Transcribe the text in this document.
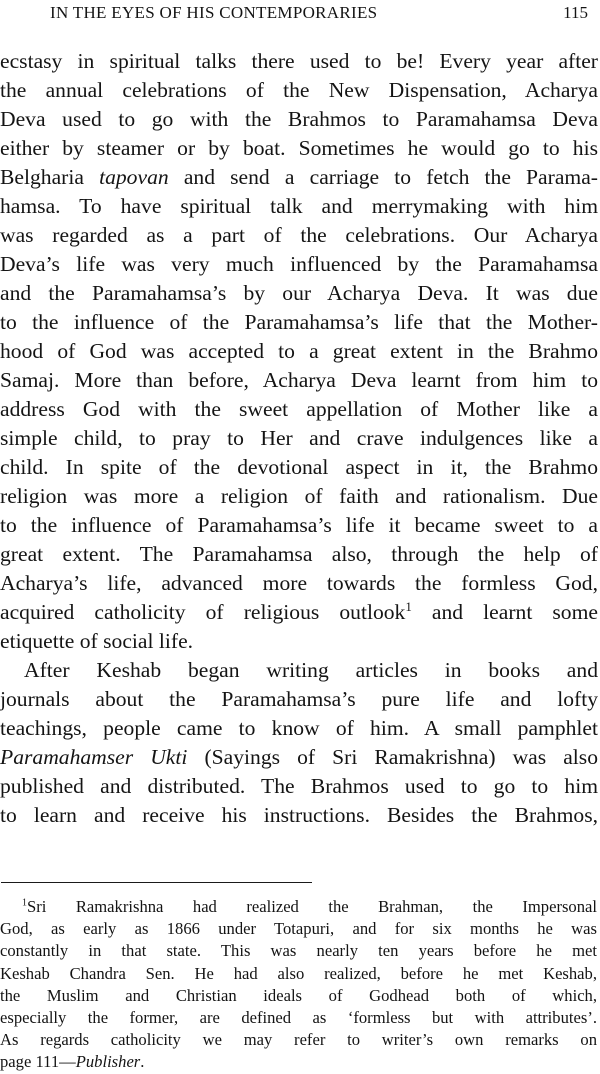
IN THE EYES OF HIS CONTEMPORARIES	115
ecstasy in spiritual talks there used to be! Every year after
the annual celebrations of the New Dispensation, Acharya
Deva used to go with the Brahmos to Paramahamsa Deva
either by steamer or by boat. Sometimes he would go to his
Belgharia tapovan and send a carriage to fetch the Parama-
hamsa. To have spiritual talk and merrymaking with him
was regarded as a part of the celebrations. Our Acharya
Deva’s life was very much influenced by the Paramahamsa
and the Paramahamsa’s by our Acharya Deva. It was due
to the influence of the Paramahamsa’s life that the Mother-
hood of God was accepted to a great extent in the Brahmo
Samaj. More than before, Acharya Deva learnt from him to
address God with the sweet appellation of Mother like a
simple child, to pray to Her and crave indulgences like a
child. In spite of the devotional aspect in it, the Brahmo
religion was more a religion of faith and rationalism. Due
to the influence of Paramahamsa’s life it became sweet to a
great extent. The Paramahamsa also, through the help of
Acharya’s life, advanced more towards the formless God,
acquired catholicity of religious outlook$^1$ and learnt some
etiquette of social life.
After Keshab began writing articles in books and
journals about the Paramahamsa’s pure life and lofty
teachings, people came to know of him. A small pamphlet
Paramahamser Ukti (Sayings of Sri Ramakrishna) was also
published and distributed. The Brahmos used to go to him
to learn and receive his instructions. Besides the Brahmos,
$^1$Sri Ramakrishna had realized the Brahman, the Impersonal
God, as early as 1866 under Totapuri, and for six months he was
constantly in that state. This was nearly ten years before he met
Keshab Chandra Sen. He had also realized, before he met Keshab,
the Muslim and Christian ideals of Godhead both of which,
especially the former, are defined as ‘formless but with attributes’.
As regards catholicity we may refer to writer’s own remarks on
page 111—Publisher.
